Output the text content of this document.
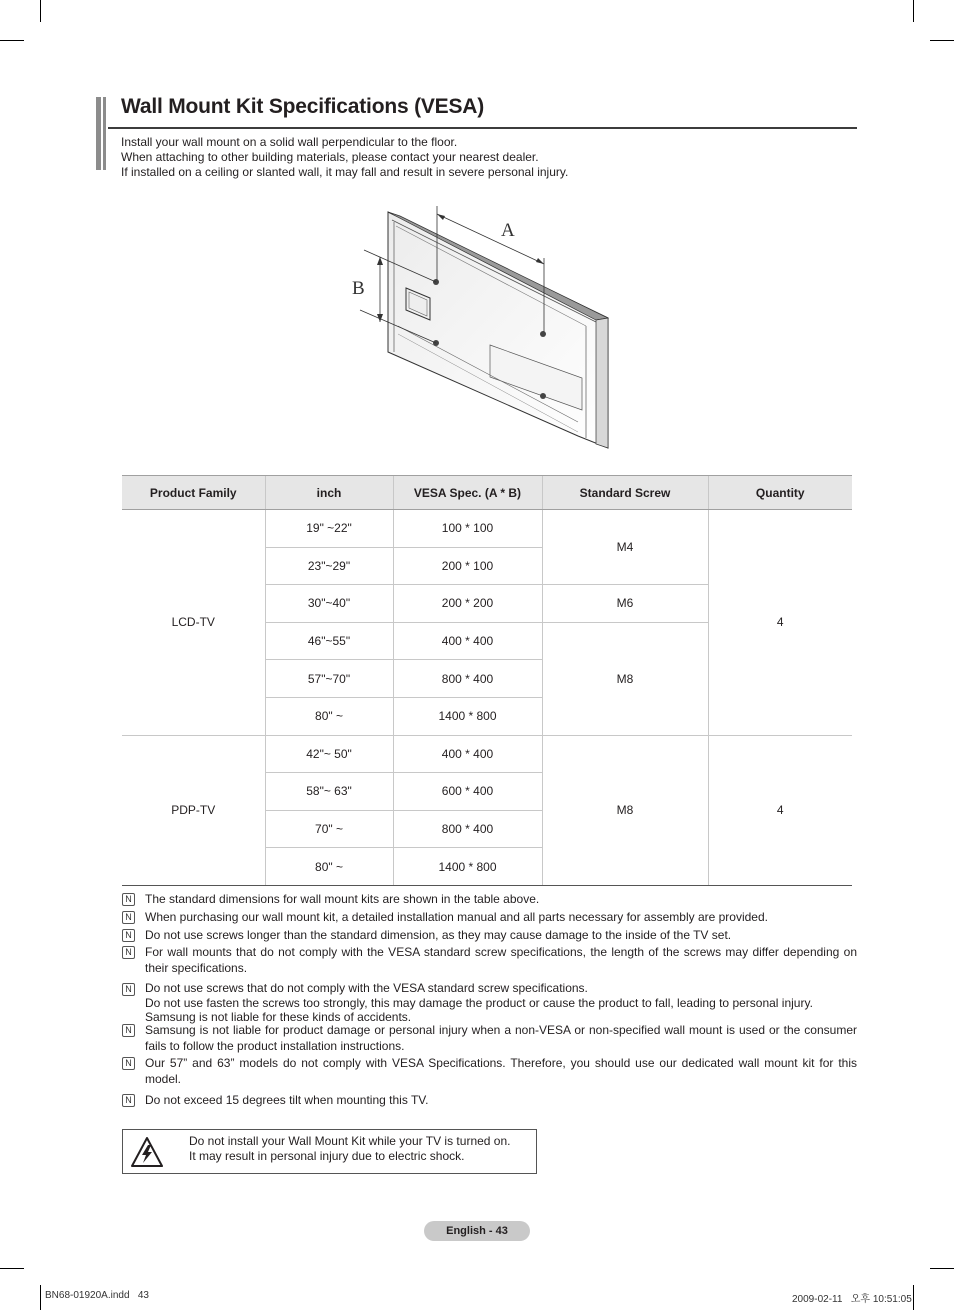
Wall Mount Kit Specifications (VESA)
Install your wall mount on a solid wall perpendicular to the floor.
When attaching to other building materials, please contact your nearest dealer.
If installed on a ceiling or slanted wall, it may fall and result in severe personal injury.
A
B
Product Family	inch	VESA Spec. (A * B)	Standard Screw	Quantity
LCD-TV	19" ~22"	100 * 100	M4	4
	23"~29"	200 * 100		
	30"~40"	200 * 200	M6	
	46"~55"	400 * 400	M8	
	57"~70"	800 * 400		
	80" ~	1400 * 800		
PDP-TV	42"~ 50"	400 * 400	M8	4
	58"~ 63"	600 * 400		
	70" ~	800 * 400		
	80" ~	1400 * 800		
N The standard dimensions for wall mount kits are shown in the table above.
N When purchasing our wall mount kit, a detailed installation manual and all parts necessary for assembly are provided.
N Do not use screws longer than the standard dimension, as they may cause damage to the inside of the TV set.
N For wall mounts that do not comply with the VESA standard screw specifications, the length of the screws may differ depending on their specifications.
N Do not use screws that do not comply with the VESA standard screw specifications.
Do not use fasten the screws too strongly, this may damage the product or cause the product to fall, leading to personal injury.
Samsung is not liable for these kinds of accidents.
N Samsung is not liable for product damage or personal injury when a non-VESA or non-specified wall mount is used or the consumer fails to follow the product installation instructions.
N Our 57” and 63” models do not comply with VESA Specifications. Therefore, you should use our dedicated wall mount kit for this model.
N Do not exceed 15 degrees tilt when mounting this TV.
Do not install your Wall Mount Kit while your TV is turned on.
It may result in personal injury due to electric shock.
English - 43
BN68-01920A.indd   43	2009-02-11   오후 10:51:05
